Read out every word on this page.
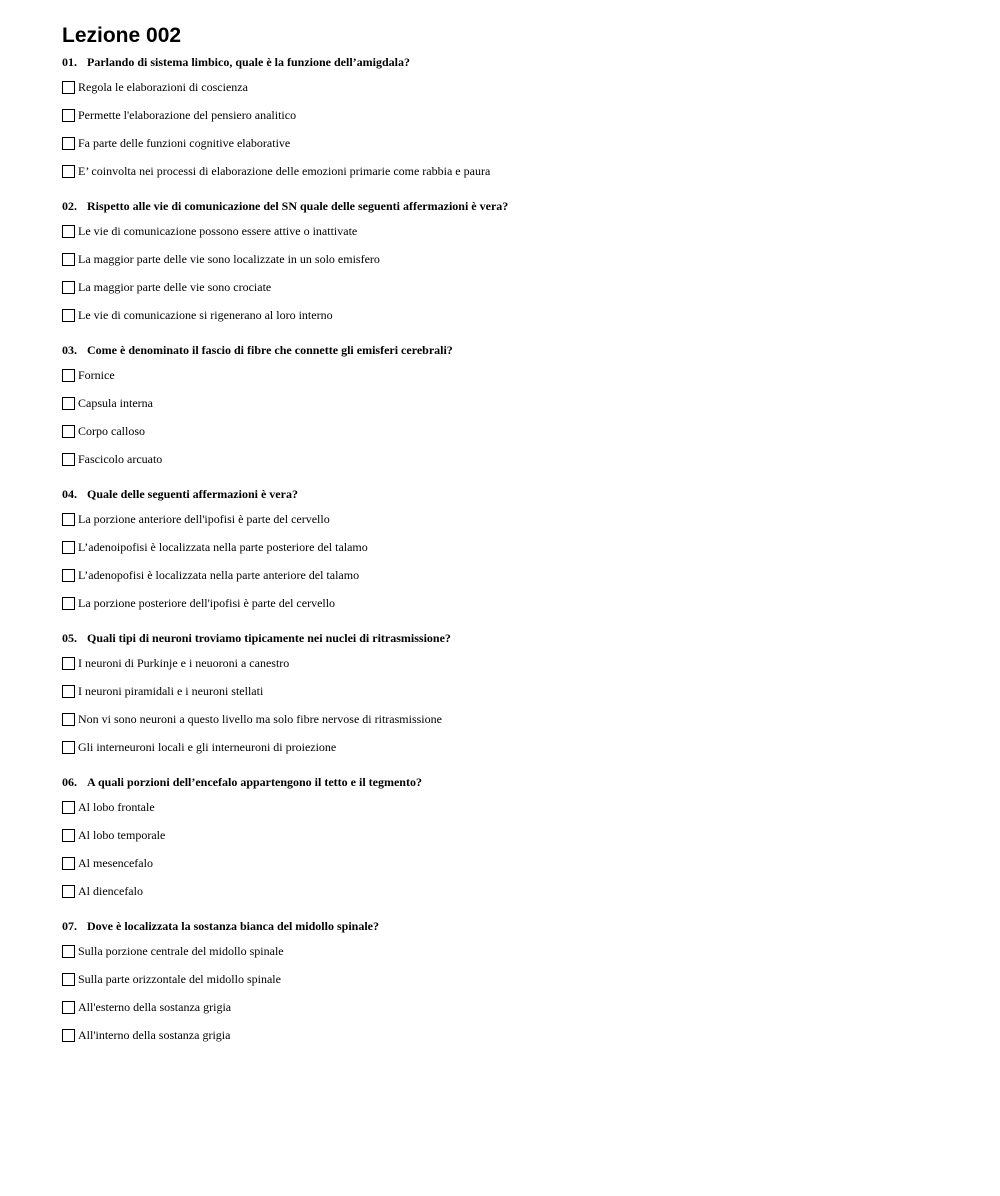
Lezione 002
01. Parlando di sistema limbico, quale è la funzione dell’amigdala?
Regola le elaborazioni di coscienza
Permette l'elaborazione del pensiero analitico
Fa parte delle funzioni cognitive elaborative
E’ coinvolta nei processi di elaborazione delle emozioni primarie come rabbia e paura
02. Rispetto alle vie di comunicazione del SN quale delle seguenti affermazioni è vera?
Le vie di comunicazione possono essere attive o inattivate
La maggior parte delle vie sono localizzate in un solo emisfero
La maggior parte delle vie sono crociate
Le vie di comunicazione si rigenerano al loro interno
03. Come è denominato il fascio di fibre che connette gli emisferi cerebrali?
Fornice
Capsula interna
Corpo calloso
Fascicolo arcuato
04. Quale delle seguenti affermazioni è vera?
La porzione anteriore dell'ipofisi è parte del cervello
L’adenoipofisi è localizzata nella parte posteriore del talamo
L’adenopofisi è localizzata nella parte anteriore del talamo
La porzione posteriore dell'ipofisi è parte del cervello
05. Quali tipi di neuroni troviamo tipicamente nei nuclei di ritrasmissione?
I neuroni di Purkinje e i neuoroni a canestro
I neuroni piramidali e i neuroni stellati
Non vi sono neuroni a questo livello ma solo fibre nervose di ritrasmissione
Gli interneuroni locali e gli interneuroni di proiezione
06. A quali porzioni dell’encefalo appartengono il tetto e il tegmento?
Al lobo frontale
Al lobo temporale
Al mesencefalo
Al diencefalo
07. Dove è localizzata la sostanza bianca del midollo spinale?
Sulla porzione centrale del midollo spinale
Sulla parte orizzontale del midollo spinale
All'esterno della sostanza grigia
All'interno della sostanza grigia
